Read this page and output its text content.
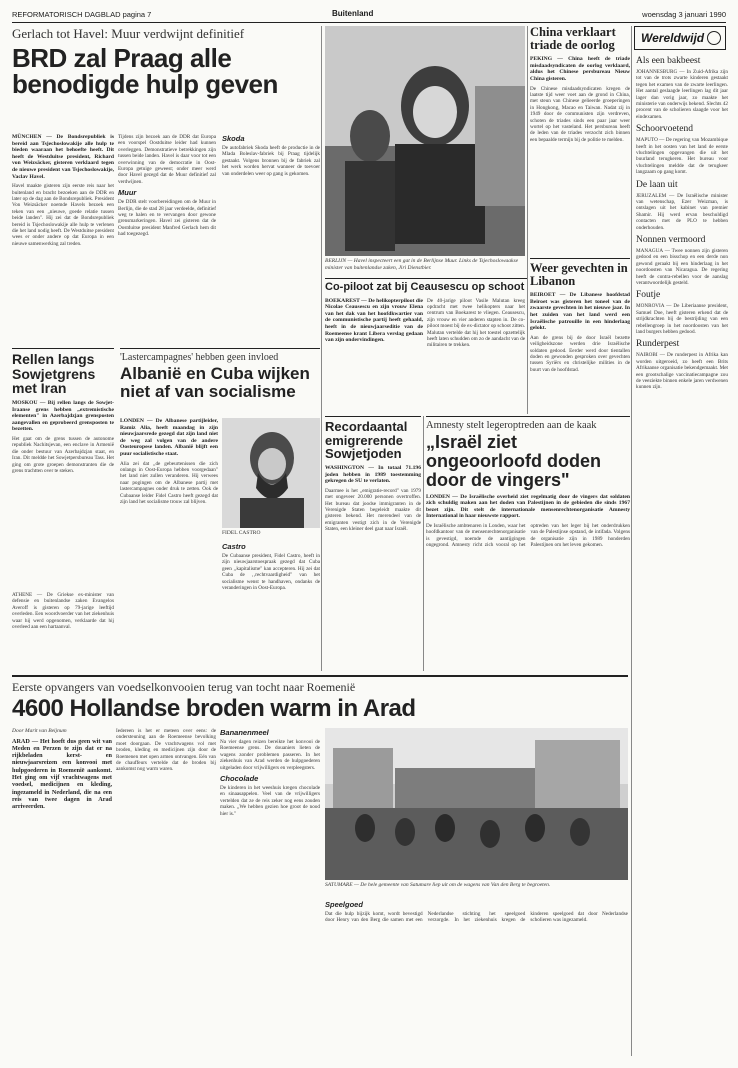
REFORMATORISCH DAGBLAD pagina 7	Buitenland	woensdag 3 januari 1990
Gerlach tot Havel: Muur verdwijnt definitief
BRD zal Praag alle benodigde hulp geven
MÜNCHEN — De Bondsrepubliek is bereid aan Tsjechoslowakije alle hulp te bieden waaraan het behoefte heeft. Dit heeft de Westduitse president, Richard von Weizsäcker, gisteren verklaard tegen de nieuwe president van Tsjechoslowakije, Vaclav Havel.
Havel maakte gisteren zijn eerste reis naar het buitenland en bracht bezoeken aan de DDR en later op de dag aan de Bondsrepubliek. President Von Weizsäcker noemde Havels bezoek een teken van een „nieuwe, goede relatie tussen beide landen". Hij zei dat de Bondsrepubliek bereid is Tsjechoslowakije alle hulp te verlenen die het land nodig heeft. De Westduitse president wees er onder andere op dat Europa in een nieuwe samenwerking zal treden.
Tijdens zijn bezoek aan de DDR dat Europa een voorspel Oostduitse leider had kunnen overleggen. Demonstratieve betrekkingen zijn tussen beide landen. Havel is daar voor tot een overwinning van de democratie in Oost-Europa getuige geweest; onder meer werd door Havel gezegd dat de Muur definitief zal verdwijnen.
Muur
De DDR stelt voorbereidingen om de Muur in Berlijn, die de stad 28 jaar verdeelde, definitief weg te halen en te vervangen door gewone grensmarkeringen. Havel zei gisteren dat de Oostduitse president Manfred Gerlach hem dit had toegezegd.
Skoda
De autofabriek Skoda heeft de productie in de Mlada Boleslav-fabriek bij Praag tijdelijk gestaakt. Volgens bronnen bij de fabriek zal het werk worden hervat wanneer de toevoer van onderdelen weer op gang is gekomen.
BERLIJN — Havel inspecteert een gat in de Berlijnse Muur. Links de Tsjechoslowaakse minister van buitenlandse zaken, Jiri Dienstbier.
China verklaart triade de oorlog
PEKING — China heeft de triade misdaadsyndicaten de oorlog verklaard, aldus het Chinese persbureau Nieuw China gisteren.
De Chinese misdaadsyndicaten kregen de laatste tijd weer voet aan de grond in China, met steun van Chinese gelieerde groeperingen in Hongkong, Macao en Taiwan. Nadat zij in 1949 door de communisten zijn verdreven, schoten de triades sinds een paar jaar weer wortel op het vasteland. Het persbureau heeft de leden van de triades verzocht zich binnen een bepaalde termijn bij de politie te melden.
Wereldwijd
Als een bakbeest
JOHANNESBURG — In Zuid-Afrika zijn tot van de trots zwarte kinderen gestaakt tegen het examen van de zwarte leerlingen. Het aantal geslaagde leerlingen lag dit jaar lager dan vorig jaar, zo maakte het ministerie van onderwijs bekend. Slechts 42 procent van de scholieren slaagde voor het eindexamen.
Schoorvoetend
MAPUTO — De regering van Mozambique heeft in het oosten van het land de eerste vluchtelingen opgevangen die uit het buurland terugkeren. Het bureau voor vluchtelingen meldde dat de terugkeer langzaam op gang komt.
De laan uit
JERUZALEM — De Israëlische minister van wetenschap, Ezer Weizman, is ontslagen uit het kabinet van premier Shamir. Hij werd ervan beschuldigd contacten met de PLO te hebben onderhouden.
Nonnen vermoord
MANAGUA — Twee nonnen zijn gisteren gedood en een bisschop en een derde non gewond geraakt bij een hinderlaag in het noordoosten van Nicaragua. De regering heeft de contra-rebellen voor de aanslag verantwoordelijk gesteld.
Foutje
MONROVIA — De Liberiaanse president, Samuel Doe, heeft gisteren erkend dat de strijdkrachten bij de bestrijding van een rebellengroep in het noordoosten van het land burgers hebben gedood.
Runderpest
NAIROBI — De runderpest in Afrika kan worden uitgeroeid, zo heeft een Brits Afrikaanse organisatie bekendgemaakt. Met een grootschalige vaccinatiecampagne zou de veeziekte binnen enkele jaren verdwenen kunnen zijn.
Co-piloot zat bij Ceausescu op schoot
BOEKAREST — De helikopterpiloot die Nicolae Ceausescu en zijn vrouw Elena van het dak van het hoofdkwartier van de communistische partij heeft gehaald, heeft in de nieuwjaarseditie van de Roemeense krant Libera verslag gedaan van zijn ondervindingen.
De 40-jarige piloot Vasile Malutan kreeg opdracht met twee helikopters naar het centrum van Boekarest te vliegen. Ceausescu, zijn vrouw en vier anderen stapten in. De co-piloot moest bij de ex-dictator op schoot zitten. Malutan vertelde dat hij het toestel opzettelijk heeft laten schudden om zo de aandacht van de militairen te trekken.
Weer gevechten in Libanon
BEIROET — De Libanese hoofdstad Beiroet was gisteren het toneel van de zwaarste gevechten in het nieuwe jaar. In het zuiden van het land werd een Israëlische patrouille in een hinderlaag gelokt.
Aan de grens bij de door Israël bezette veiligheidszone werden drie Israëlische soldaten gedood. Eerder werd door tientallen doden en gewonden gesproken over gevechten tussen Syriërs en christelijke milities in de buurt van de hoofdstad.
Rellen langs Sowjetgrens met Iran
MOSKOU — Bij rellen langs de Sowjet-Iraanse grens hebben „extremistische elementen" in Azerbajdzjan grensposten aangevallen en geprobeerd grensposten te bezetten.
Het gaat om de grens tussen de autonome republiek Nachitsjevan, een enclave in Armenië die onder bestuur van Azerbajdzjan staat, en Iran. Dit meldde het Sowjetpersbureau Tass. Het ging om grote groepen demonstranten die de grens trachtten over te steken.
ATHENE — De Griekse ex-minister van defensie en buitenlandse zaken Evangelos Averoff is gisteren op 79-jarige leeftijd overleden. Een woordvoerder van het ziekenhuis waar hij werd opgenomen, verklaarde dat hij overleed aan een hartaanval.
'Lastercampagnes' hebben geen invloed
Albanië en Cuba wijken niet af van socialisme
LONDEN — De Albanese partijleider, Ramiz Alia, heeft maandag in zijn nieuwjaarsrede gezegd dat zijn land niet de weg zal volgen van de andere Oosteuropese landen. Albanië blijft een puur socialistische staat.
Alia zei dat „de gebeurtenissen die zich onlangs in Oost-Europa hebben voorgedaan" het land niet zullen veranderen. Hij verwees naar pogingen om de Albanese partij met lastercampagnes onder druk te zetten. Ook de Cubaanse leider Fidel Castro heeft gezegd dat zijn land het socialisme trouw zal blijven.
FIDEL CASTRO
Castro
De Cubaanse president, Fidel Castro, heeft in zijn nieuwjaarstoespraak gezegd dat Cuba geen ‚,kapitalisme" kan accepteren. Hij zei dat Cuba de ‚‚rechtvaardigheid" van het socialisme wenst te handhaven, ondanks de veranderingen in Oost-Europa.
Recordaantal emigrerende Sowjetjoden
WASHINGTON — In totaal 71.196 joden hebben in 1989 toestemming gekregen de SU te verlaten.
Daarmee is het „emigratie-record" van 1979 met ongeveer 20.000 personen overtroffen. Het bureau dat joodse immigranten in de Verenigde Staten begeleidt maakte dit gisteren bekend. Het merendeel van de emigranten vestigt zich in de Verenigde Staten, een kleiner deel gaat naar Israël.
Amnesty stelt legeroptreden aan de kaak
„Israël ziet ongeoorloofd doden door de vingers"
LONDEN — De Israëlische overheid ziet regelmatig door de vingers dat soldaten zich schuldig maken aan het doden van Palestijnen in de gebieden die sinds 1967 bezet zijn. Dit stelt de internationale mensenrechtenorganisatie Amnesty International in haar nieuwste rapport.
De Israëlische ambtenaren in Londen, waar het hoofdkantoor van de mensenrechtenorganisatie is gevestigd, noemde de aantijgingen ongegrond. Amnesty richt zich vooral op het optreden van het leger bij het onderdrukken van de Palestijnse opstand, de intifada. Volgens de organisatie zijn in 1989 honderden Palestijnen om het leven gekomen.
Eerste opvangers van voedselkonvooien terug van tocht naar Roemenië
4600 Hollandse broden warm in Arad
Door Marit van Beijnum
ARAD — Het hoeft dus geen wit van Meden en Perzen te zijn dat er na rijkbeladen kerst- en nieuwjaarsreizen een konvooi met hulpgoederen in Roemenië aankomt. Het ging om vijf vrachtwagens met voedsel, medicijnen en kleding, ingezameld in Nederland, die na een reis van twee dagen in Arad arriveerden.
Iedereen is het er meteen over eens: de ondersteuning aan de Roemeense bevolking moet doorgaan. De vrachtwagens vol met broden, kleding en medicijnen zijn door de Roemenen met open armen ontvangen. Eén van de chauffeurs vertelde dat de broden bij aankomst nog warm waren.
Bananenmeel
Na vier dagen reizen bereikte het konvooi de Roemeense grens. De douaniers lieten de wagens zonder problemen passeren. In het ziekenhuis van Arad werden de hulpgoederen uitgeladen door vrijwilligers en verpleegsters.
Chocolade
De kinderen in het weeshuis kregen chocolade en sinaasappelen. Veel van de vrijwilligers vertelden dat ze de reis zeker nog eens zouden maken. „We hebben gezien hoe groot de nood hier is."
SATUMARE — De hele gemeente van Satumare liep uit om de wagens van Van den Berg te begroeten.
Speelgoed
Dat die hulp bijzijk komt, wordt bevestigd door Henry van den Berg die samen met een Nederlandse stichting het speelgoed verzorgde. In het ziekenhuis kregen de kinderen speelgoed dat door Nederlandse scholieren was ingezameld.
